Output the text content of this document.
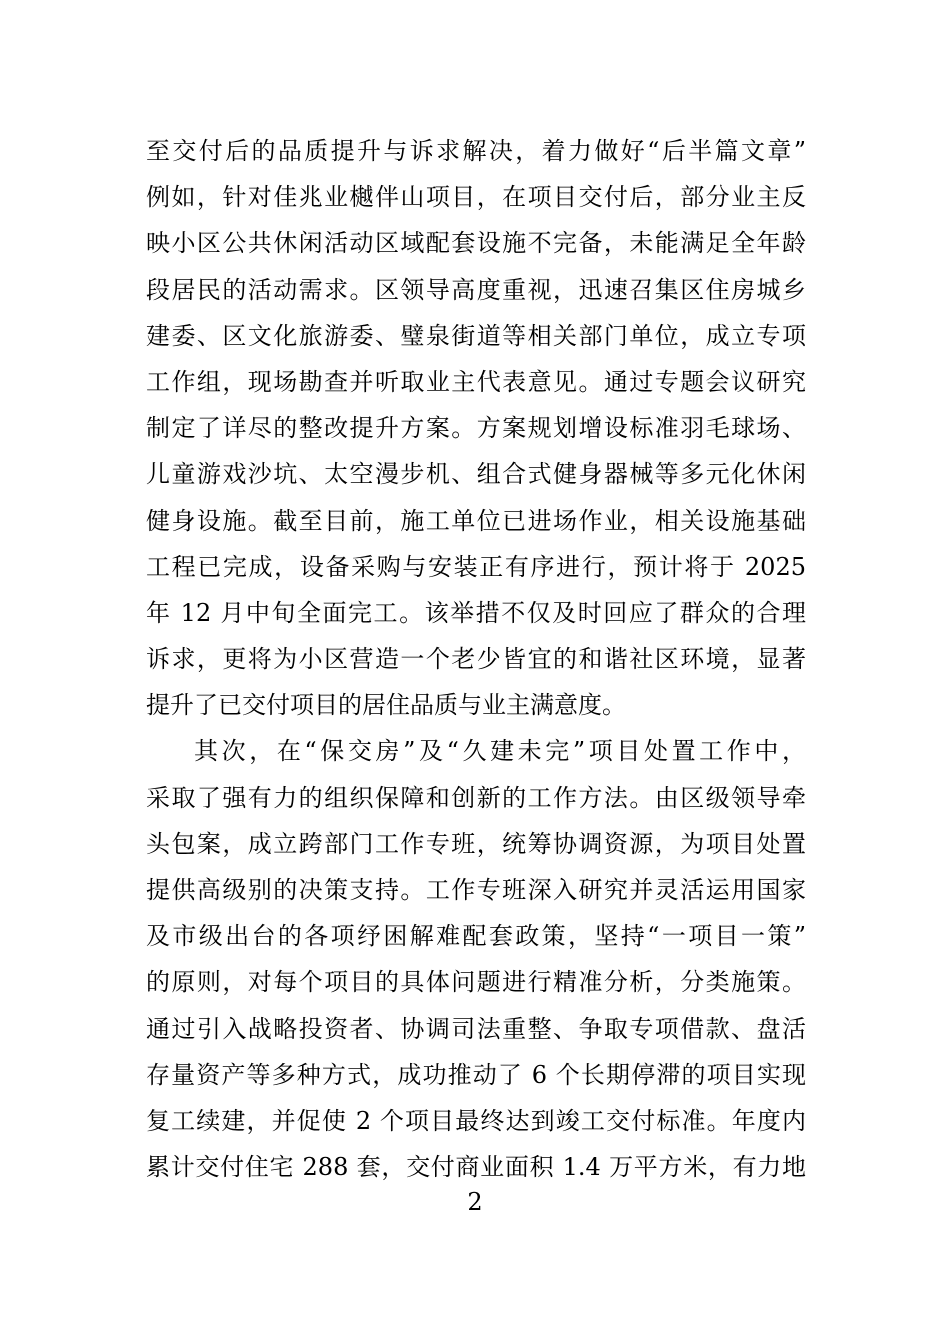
至交付后的品质提升与诉求解决，着力做好“后半篇文章”
例如，针对佳兆业樾伴山项目，在项目交付后，部分业主反
映小区公共休闲活动区域配套设施不完备，未能满足全年龄
段居民的活动需求。区领导高度重视，迅速召集区住房城乡
建委、区文化旅游委、璧泉街道等相关部门单位，成立专项
工作组，现场勘查并听取业主代表意见。通过专题会议研究
制定了详尽的整改提升方案。方案规划增设标准羽毛球场、
儿童游戏沙坑、太空漫步机、组合式健身器械等多元化休闲
健身设施。截至目前，施工单位已进场作业，相关设施基础
工程已完成，设备采购与安装正有序进行，预计将于 2025
年 12 月中旬全面完工。该举措不仅及时回应了群众的合理
诉求，更将为小区营造一个老少皆宜的和谐社区环境，显著
提升了已交付项目的居住品质与业主满意度。
其次，在“保交房”及“久建未完”项目处置工作中，
采取了强有力的组织保障和创新的工作方法。由区级领导牵
头包案，成立跨部门工作专班，统筹协调资源，为项目处置
提供高级别的决策支持。工作专班深入研究并灵活运用国家
及市级出台的各项纾困解难配套政策，坚持“一项目一策”
的原则，对每个项目的具体问题进行精准分析，分类施策。
通过引入战略投资者、协调司法重整、争取专项借款、盘活
存量资产等多种方式，成功推动了 6 个长期停滞的项目实现
复工续建，并促使 2 个项目最终达到竣工交付标准。年度内
累计交付住宅 288 套，交付商业面积 1.4 万平方米，有力地
2
